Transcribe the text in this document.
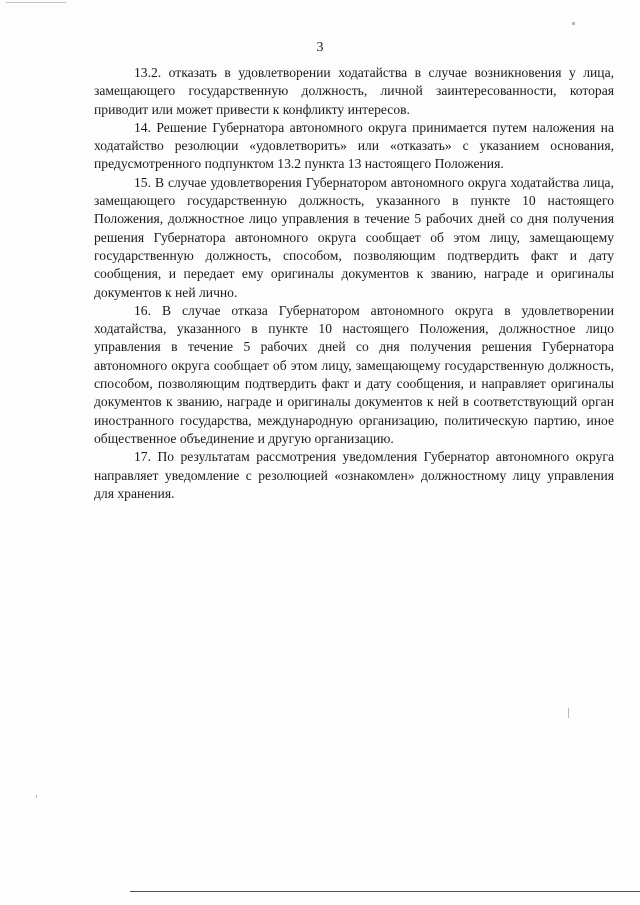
3

13.2. отказать в удовлетворении ходатайства в случае возникновения у лица, замещающего государственную должность, личной заинтересованности, которая приводит или может привести к конфликту интересов.

14. Решение Губернатора автономного округа принимается путем наложения на ходатайство резолюции «удовлетворить» или «отказать» с указанием основания, предусмотренного подпунктом 13.2 пункта 13 настоящего Положения.

15. В случае удовлетворения Губернатором автономного округа ходатайства лица, замещающего государственную должность, указанного в пункте 10 настоящего Положения, должностное лицо управления в течение 5 рабочих дней со дня получения решения Губернатора автономного округа сообщает об этом лицу, замещающему государственную должность, способом, позволяющим подтвердить факт и дату сообщения, и передает ему оригиналы документов к званию, награде и оригиналы документов к ней лично.

16. В случае отказа Губернатором автономного округа в удовлетворении ходатайства, указанного в пункте 10 настоящего Положения, должностное лицо управления в течение 5 рабочих дней со дня получения решения Губернатора автономного округа сообщает об этом лицу, замещающему государственную должность, способом, позволяющим подтвердить факт и дату сообщения, и направляет оригиналы документов к званию, награде и оригиналы документов к ней в соответствующий орган иностранного государства, международную организацию, политическую партию, иное общественное объединение и другую организацию.

17. По результатам рассмотрения уведомления Губернатор автономного округа направляет уведомление с резолюцией «ознакомлен» должностному лицу управления для хранения.
